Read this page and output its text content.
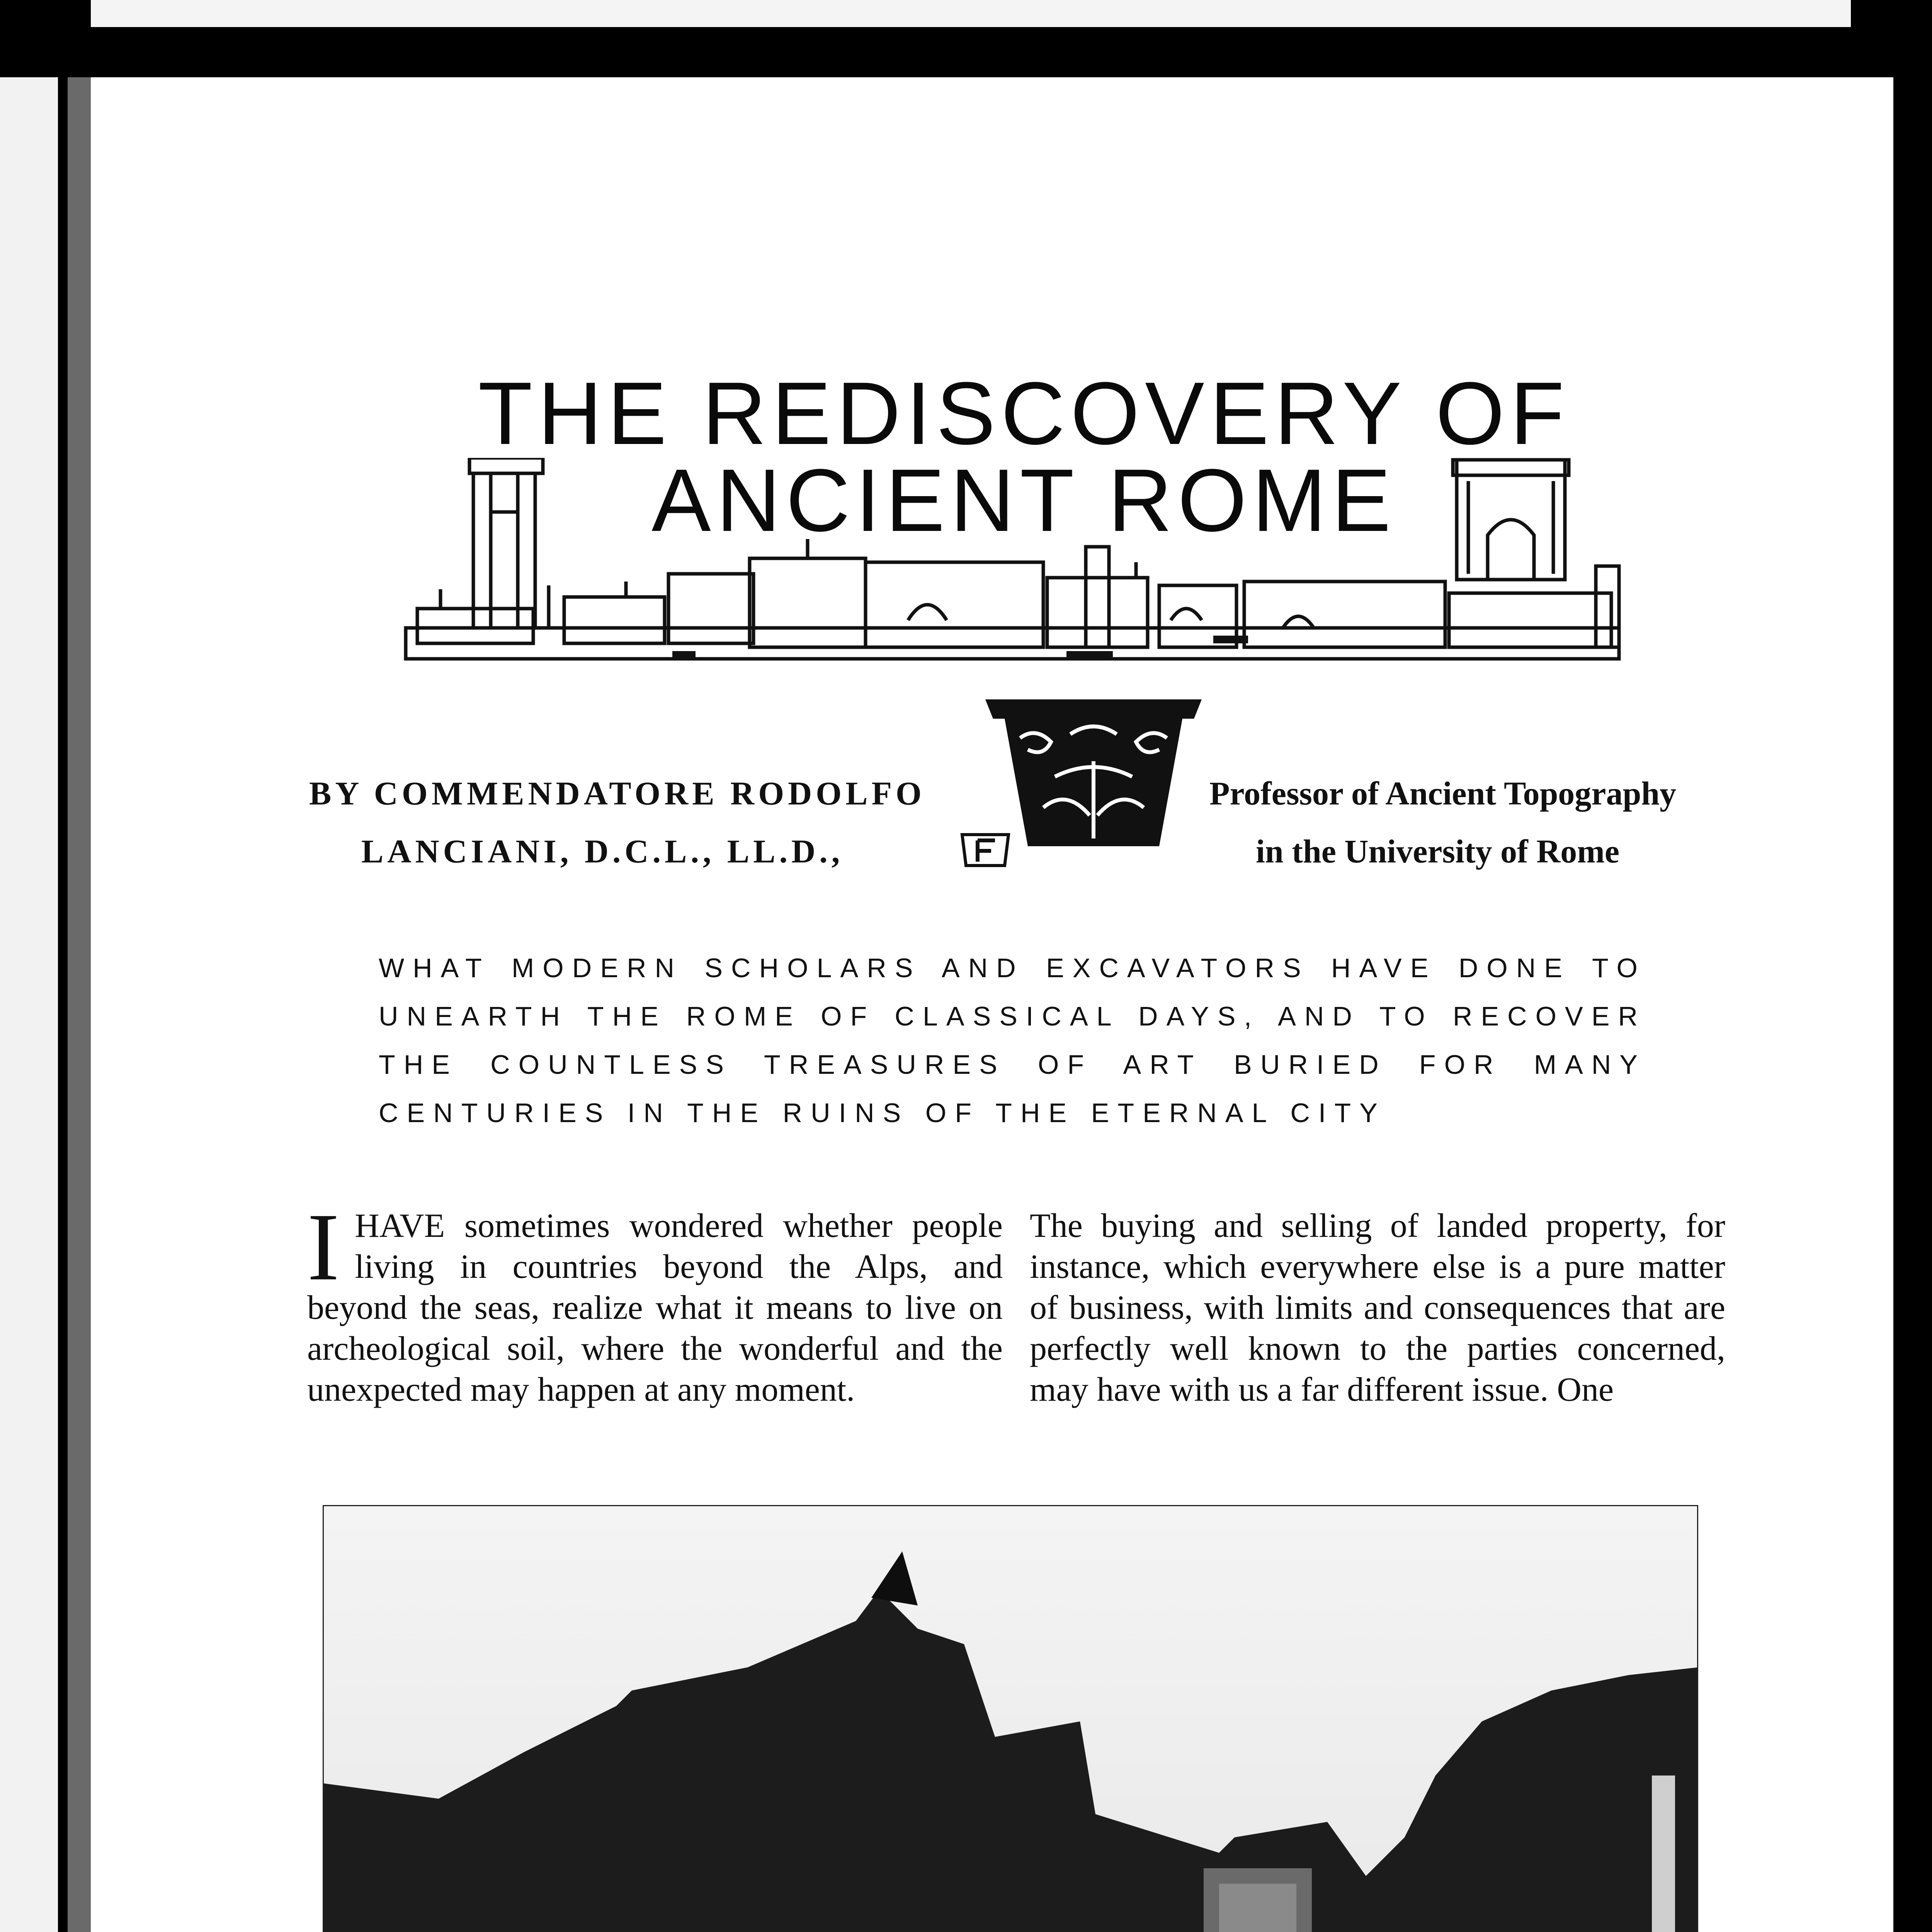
THE REDISCOVERY OF
ANCIENT ROME
BY COMMENDATORE RODOLFO
LANCIANI, D.C.L., LL.D.,
Professor of Ancient Topography
in the University of Rome
WHAT MODERN SCHOLARS AND EXCAVATORS HAVE DONE TO
UNEARTH THE ROME OF CLASSICAL DAYS, AND TO RECOVER
THE COUNTLESS TREASURES OF ART BURIED FOR MANY
CENTURIES IN THE RUINS OF THE ETERNAL CITY
IHAVE sometimes wondered whether people living in countries beyond the Alps, and beyond the seas, realize what it means to live on archeological soil, where the wonderful and the unexpected may happen at any moment.
The buying and selling of landed property, for instance, which everywhere else is a pure matter of business, with limits and consequences that are perfectly well known to the parties concerned, may have with us a far different issue. One
